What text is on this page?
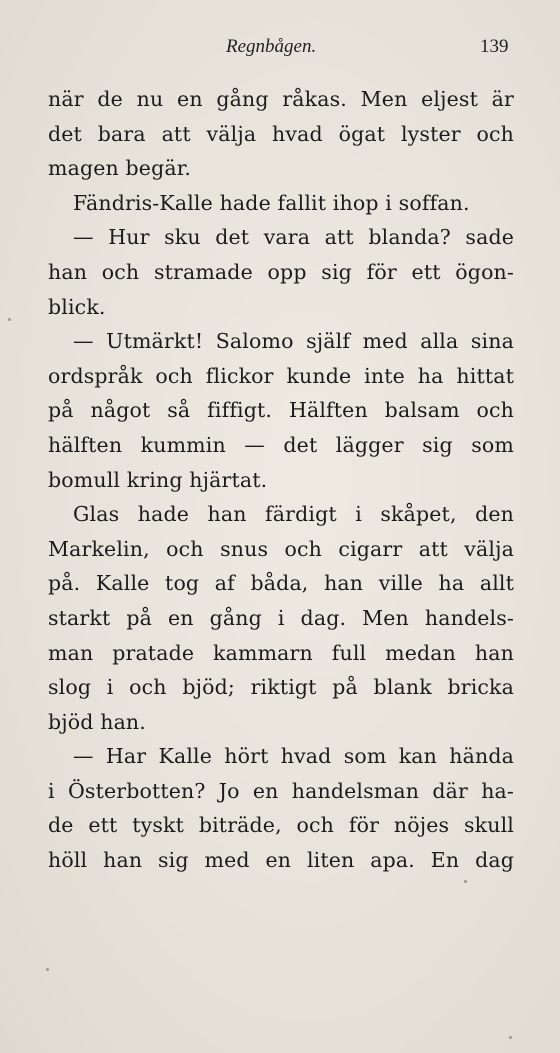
Regnbågen.	139
när de nu en gång råkas. Men eljest är
det bara att välja hvad ögat lyster och
magen begär.
Fändris-Kalle hade fallit ihop i soffan.
— Hur sku det vara att blanda? sade
han och stramade opp sig för ett ögon-
blick.
— Utmärkt! Salomo själf med alla sina
ordspråk och flickor kunde inte ha hittat
på något så fiffigt. Hälften balsam och
hälften kummin — det lägger sig som
bomull kring hjärtat.
Glas hade han färdigt i skåpet, den
Markelin, och snus och cigarr att välja
på. Kalle tog af båda, han ville ha allt
starkt på en gång i dag. Men handels-
man pratade kammarn full medan han
slog i och bjöd; riktigt på blank bricka
bjöd han.
— Har Kalle hört hvad som kan hända
i Österbotten? Jo en handelsman där ha-
de ett tyskt biträde, och för nöjes skull
höll han sig med en liten apa. En dag
